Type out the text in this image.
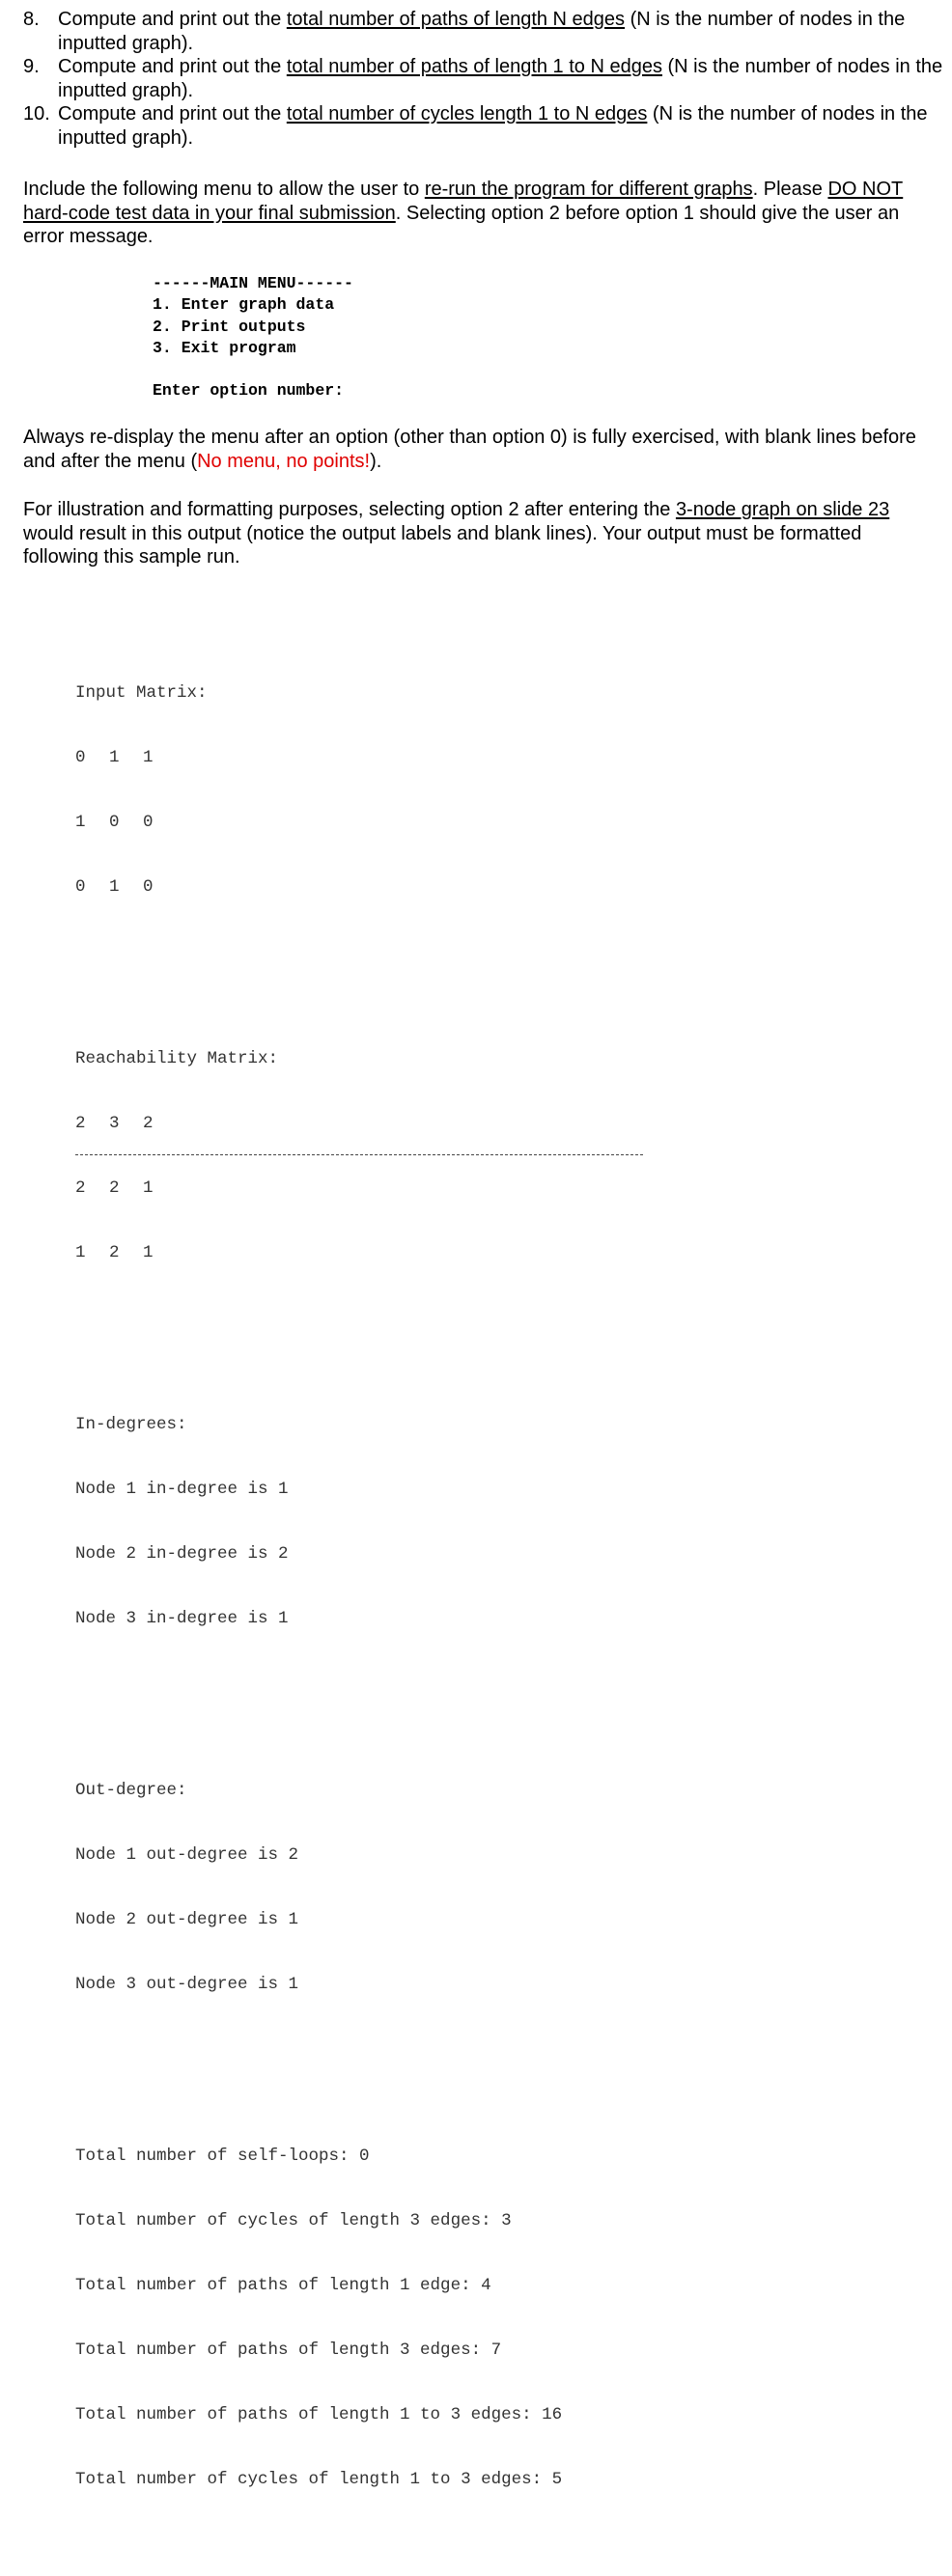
8. Compute and print out the total number of paths of length N edges (N is the number of nodes in the inputted graph).
9. Compute and print out the total number of paths of length 1 to N edges (N is the number of nodes in the inputted graph).
10. Compute and print out the total number of cycles length 1 to N edges (N is the number of nodes in the inputted graph).

Include the following menu to allow the user to re-run the program for different graphs. Please DO NOT hard-code test data in your final submission. Selecting option 2 before option 1 should give the user an error message.

------MAIN MENU------
1. Enter graph data
2. Print outputs
3. Exit program
Enter option number:

Always re-display the menu after an option (other than option 0) is fully exercised, with blank lines before and after the menu (No menu, no points!).

For illustration and formatting purposes, selecting option 2 after entering the 3-node graph on slide 23 would result in this output (notice the output labels and blank lines). Your output must be formatted following this sample run.

Input Matrix:

0 1 1

1 0 0

0 1 0

Reachability Matrix:

2 3 2

2 2 1

1 2 1

In-degrees:

Node 1 in-degree is 1

Node 2 in-degree is 2

Node 3 in-degree is 1

Out-degree:

Node 1 out-degree is 2

Node 2 out-degree is 1

Node 3 out-degree is 1

Total number of self-loops: 0

Total number of cycles of length 3 edges: 3

Total number of paths of length 1 edge: 4

Total number of paths of length 3 edges: 7

Total number of paths of length 1 to 3 edges: 16

Total number of cycles of length 1 to 3 edges: 5
